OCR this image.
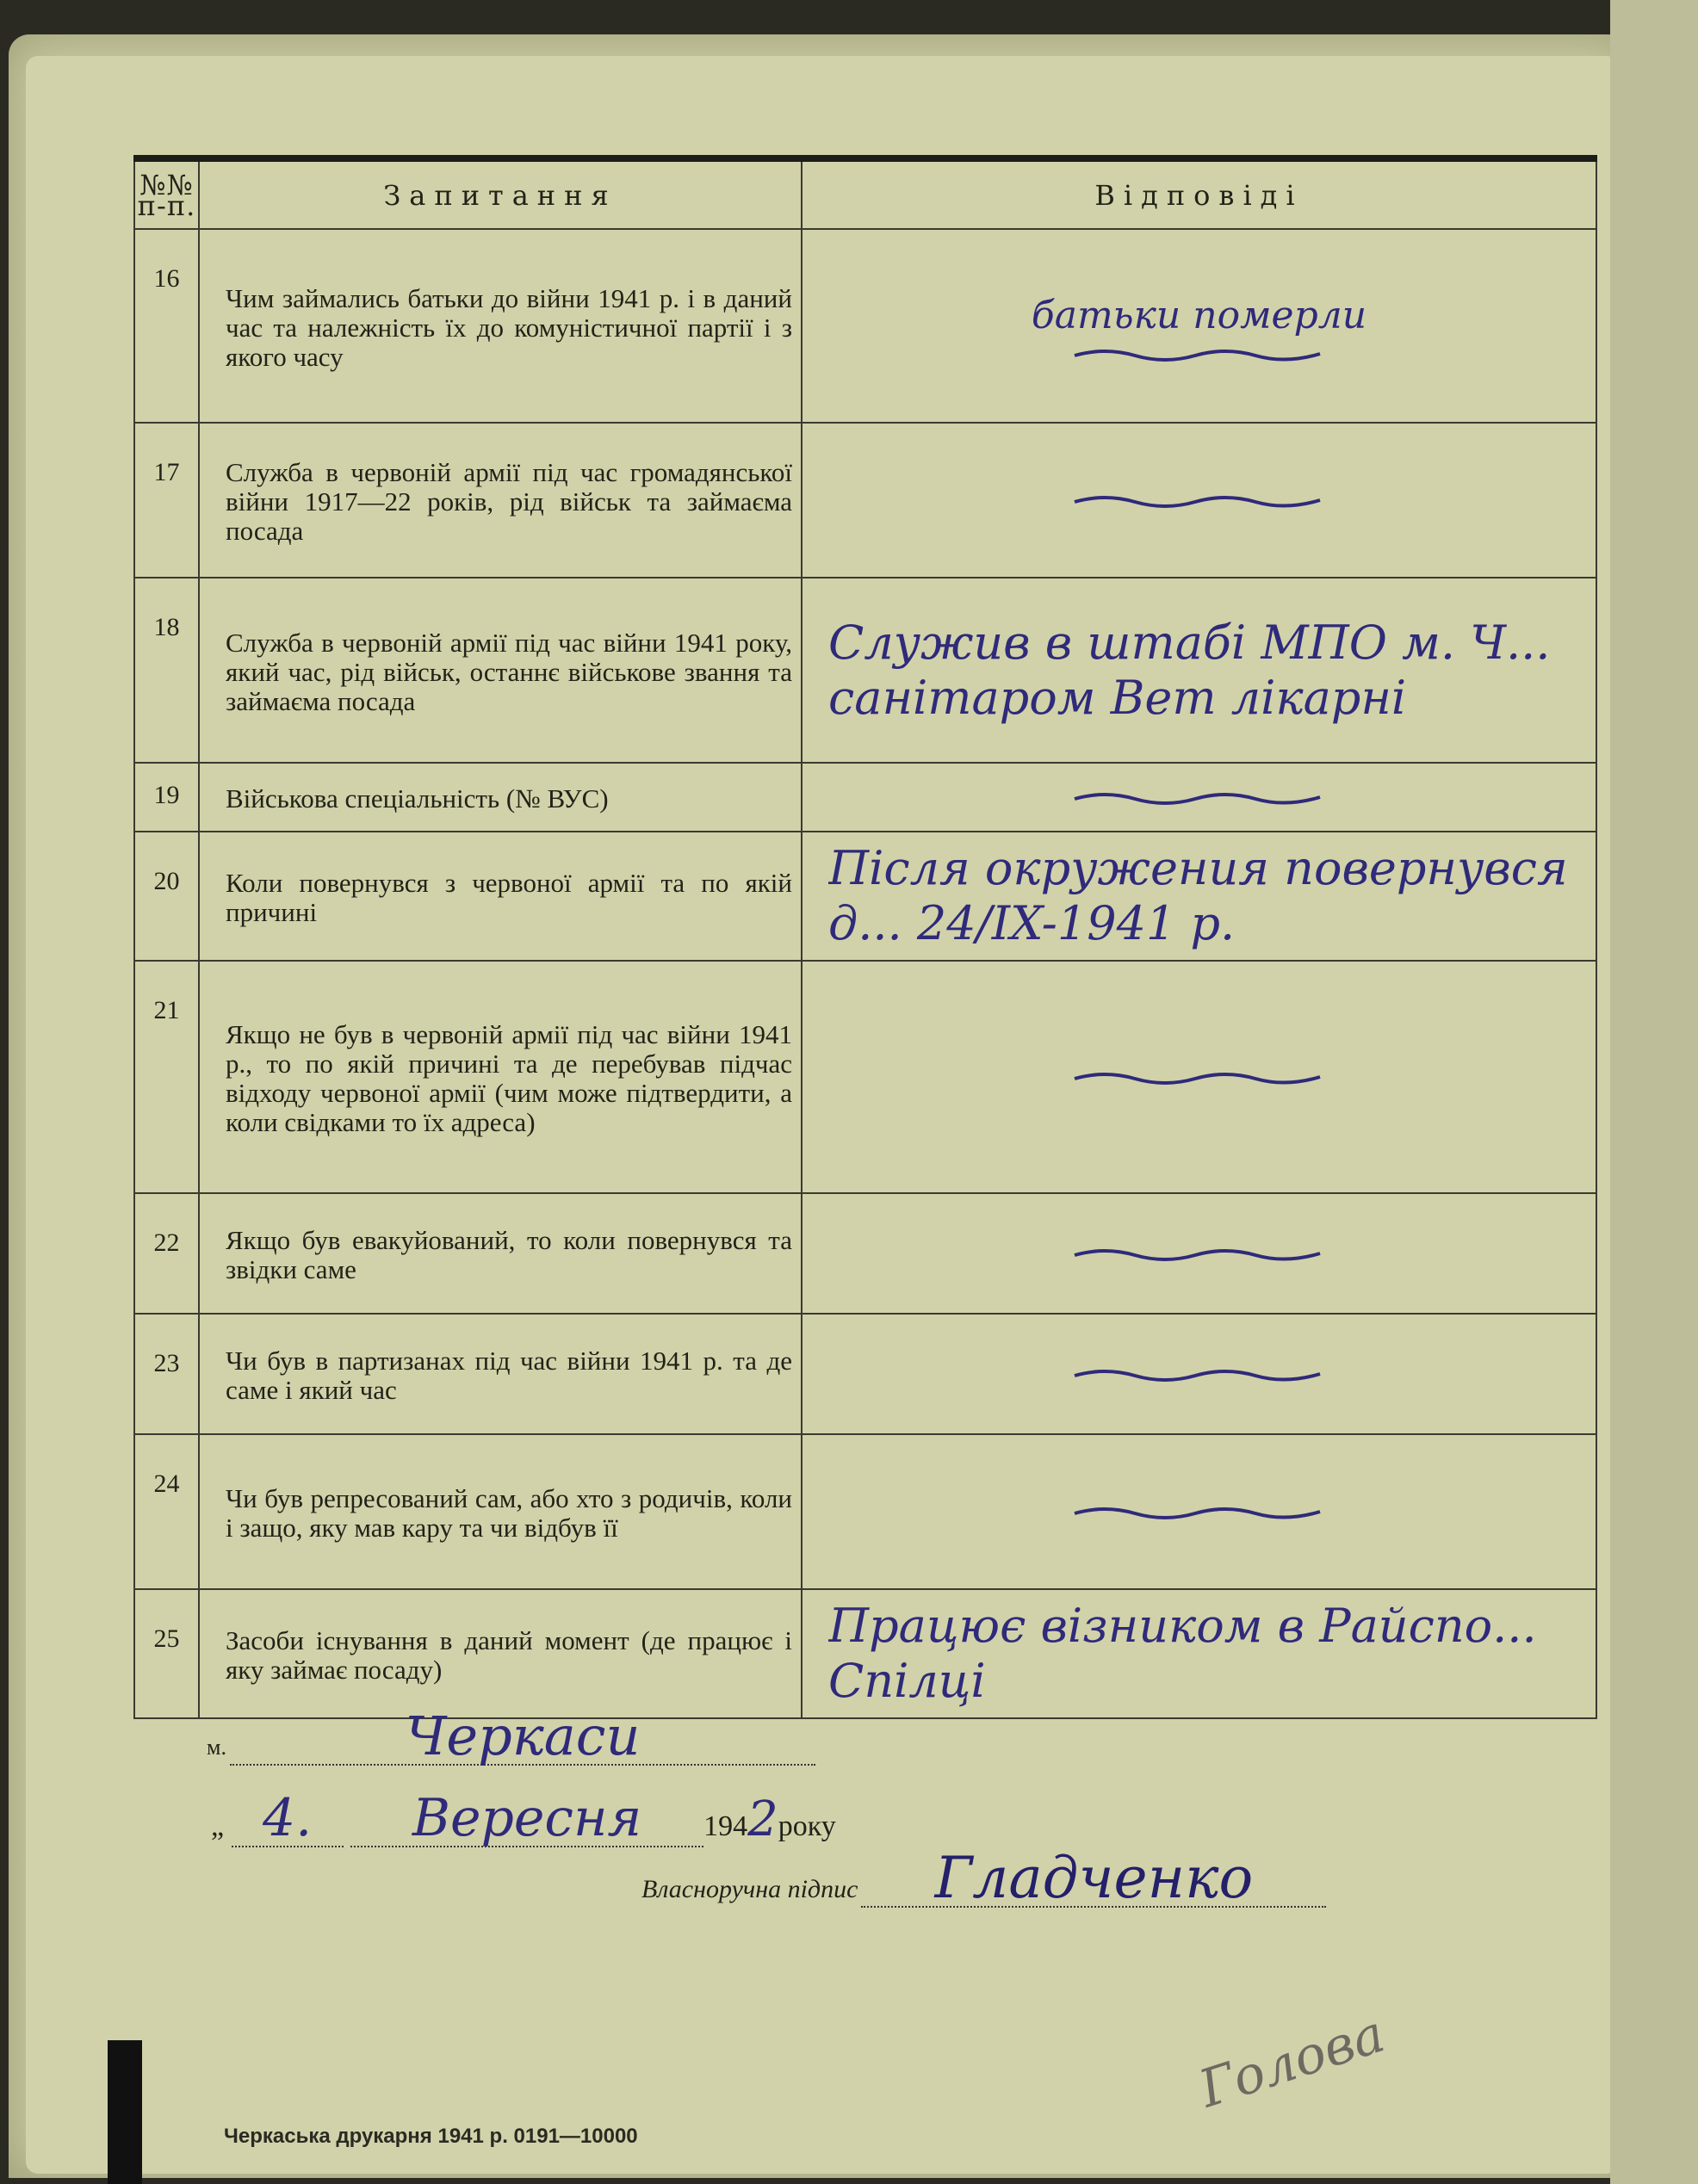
№№ п-п.	Запитання	Відповіді
16	Чим займались батьки до війни 1941 р. і в даний час та належність їх до комуністичної партії і з якого часу	батьки померли

17	Служба в червоній армії під час громадянської війни 1917—22 років, рід військ та займаєма посада	

18	Служба в червоній армії під час війни 1941 року, який час, рід військ, останнє військове звання та займаєма посада	Служив в штабі МПО м. Ч... санітаром Вет лікарні

19	Військова спеціальність (№ ВУС)	

20	Коли повернувся з червоної армії та по якій причині	Після окружения повернувся д... 24/IX-1941 р.

21	Якщо не був в червоній армії під час війни 1941 р., то по якій причині та де перебував підчас відходу червоної армії (чим може підтвердити, а коли свідками то їх адреса)	

22	Якщо був евакуйований, то коли повернувся та звідки саме	

23	Чи був в партизанах під час війни 1941 р. та де саме і який час	

24	Чи був репресований сам, або хто з родичів, коли і защо, яку мав кару та чи відбув її	

25	Засоби існування в даний момент (де працює і яку займає посаду)	Працює візником в Райспо... Спілці
м.	Черкаси
„ 4. Вересня 1942року
Власноручна підпис Гладченко
Черкаська друкарня 1941 р. 0191—10000
Голова
